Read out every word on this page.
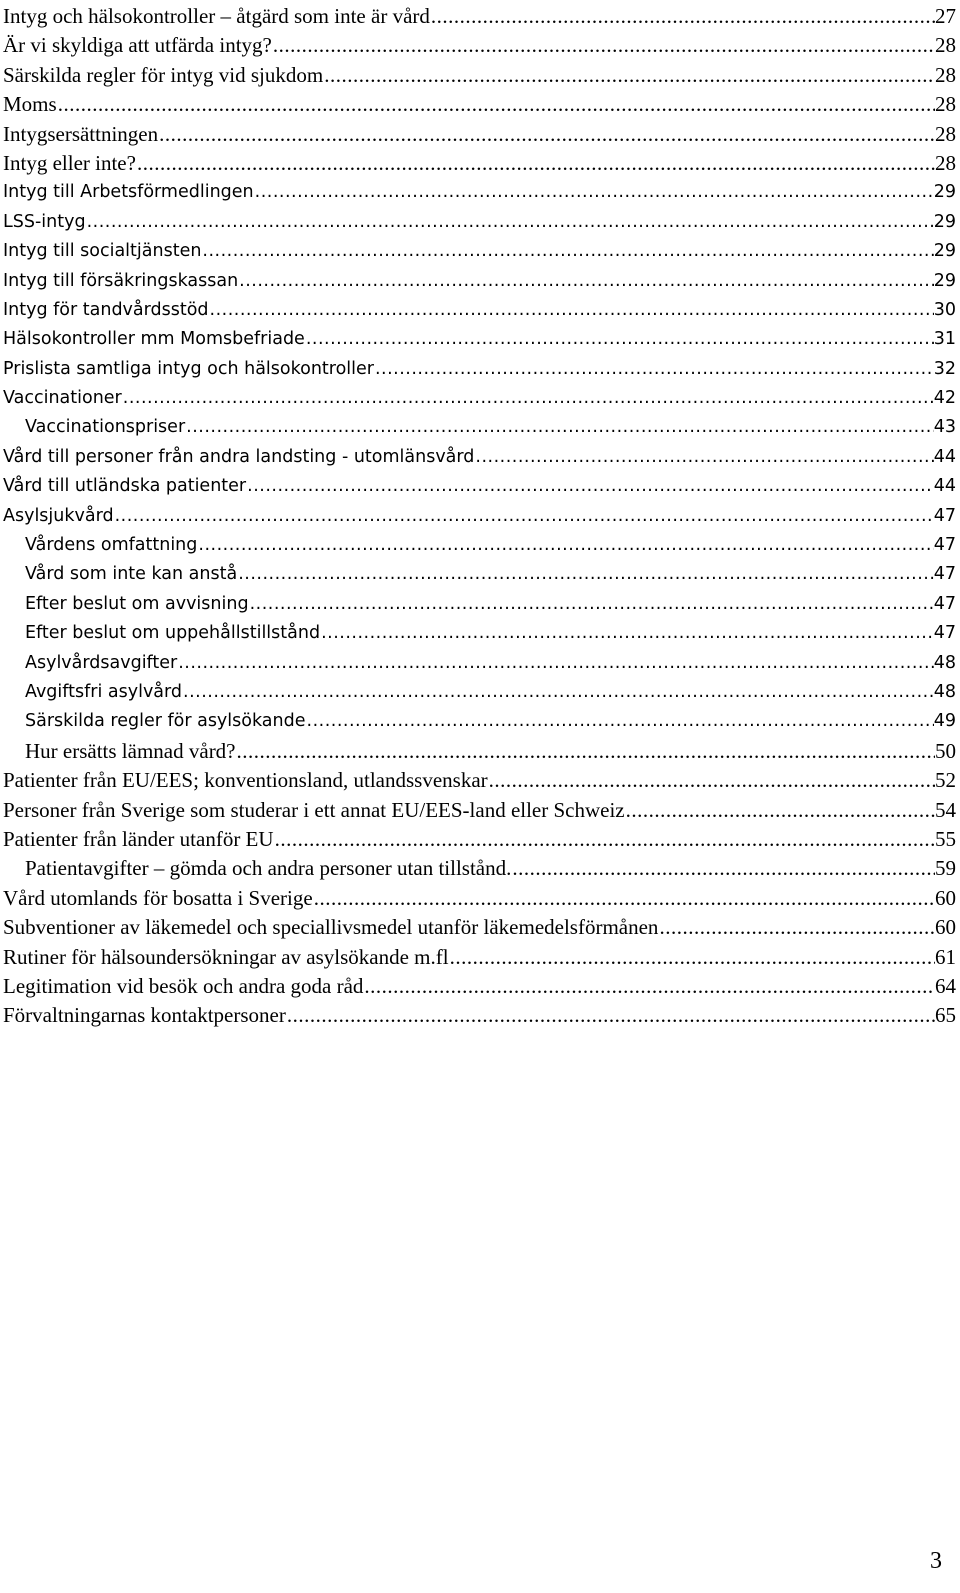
Intyg och hälsokontroller – åtgärd som inte är vård .....	27
Är vi skyldiga att utfärda intyg? .....	28
Särskilda regler för intyg vid sjukdom .....	28
Moms .....	28
Intygsersättningen .....	28
Intyg eller inte? .....	28
Intyg till Arbetsförmedlingen .....	29
LSS-intyg .....	29
Intyg till socialtjänsten .....	29
Intyg till försäkringskassan .....	29
Intyg för tandvårdsstöd .....	30
Hälsokontroller mm Momsbefriade .....	31
Prislista samtliga intyg och hälsokontroller .....	32
Vaccinationer .....	42
Vaccinationspriser .....	43
Vård till personer från andra landsting - utomlänsvård .....	44
Vård till utländska patienter .....	44
Asylsjukvård .....	47
Vårdens omfattning .....	47
Vård som inte kan anstå .....	47
Efter beslut om avvisning .....	47
Efter beslut om uppehållstillstånd .....	47
Asylvårdsavgifter .....	48
Avgiftsfri asylvård .....	48
Särskilda regler för asylsökande .....	49
Hur ersätts lämnad vård? .....	50
Patienter från EU/EES; konventionsland, utlandssvenskar .....	52
Personer från Sverige som studerar i ett annat EU/EES-land eller Schweiz .....	54
Patienter från länder utanför EU .....	55
Patientavgifter – gömda och andra personer utan tillstånd. .....	59
Vård utomlands för bosatta i Sverige .....	60
Subventioner av läkemedel och speciallivsmedel utanför läkemedelsförmånen .....	60
Rutiner för hälsoundersökningar av asylsökande m.fl .....	61
Legitimation vid besök och andra goda råd .....	64
Förvaltningarnas kontaktpersoner .....	65
3
